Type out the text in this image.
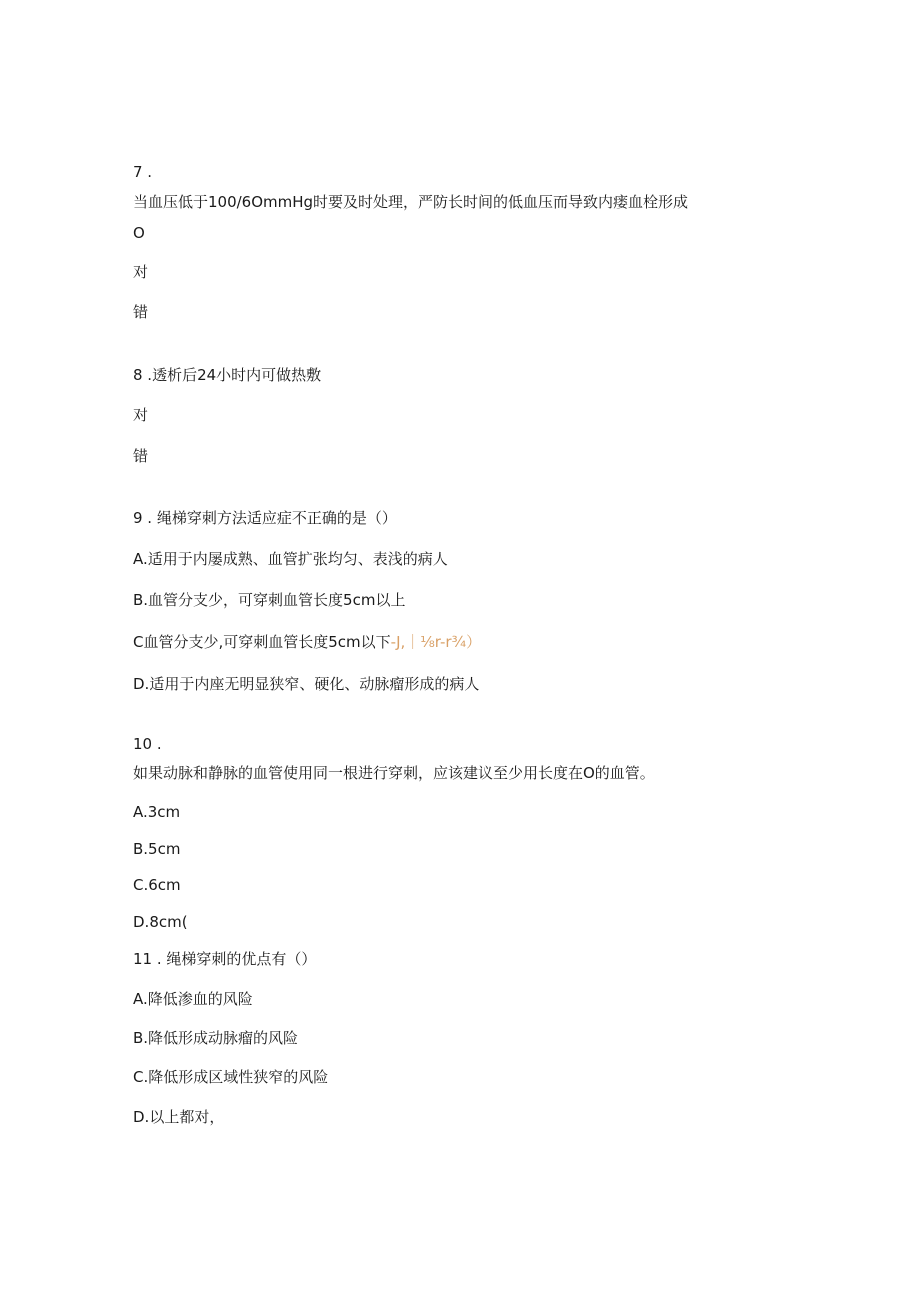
7 .
当血压低于100/6OmmHg时要及时处理，严防长时间的低血压而导致内瘘血栓形成
O
对
错
8 .透析后24小时内可做热敷
对
错
9 . 绳梯穿刺方法适应症不正确的是（）
A.适用于内屡成熟、血管扩张均匀、表浅的病人
B.血管分支少，可穿刺血管长度5cm以上
C血管分支少,可穿刺血管长度5cm以下-J,｜⅛r-r¾）
D.适用于内座无明显狭窄、硬化、动脉瘤形成的病人
10 .
如果动脉和静脉的血管使用同一根进行穿刺，应该建议至少用长度在O的血管。
A.3cm
B.5cm
C.6cm
D.8cm(
11 . 绳梯穿刺的优点有（）
A.降低渗血的风险
B.降低形成动脉瘤的风险
C.降低形成区域性狭窄的风险
D.以上都对，
